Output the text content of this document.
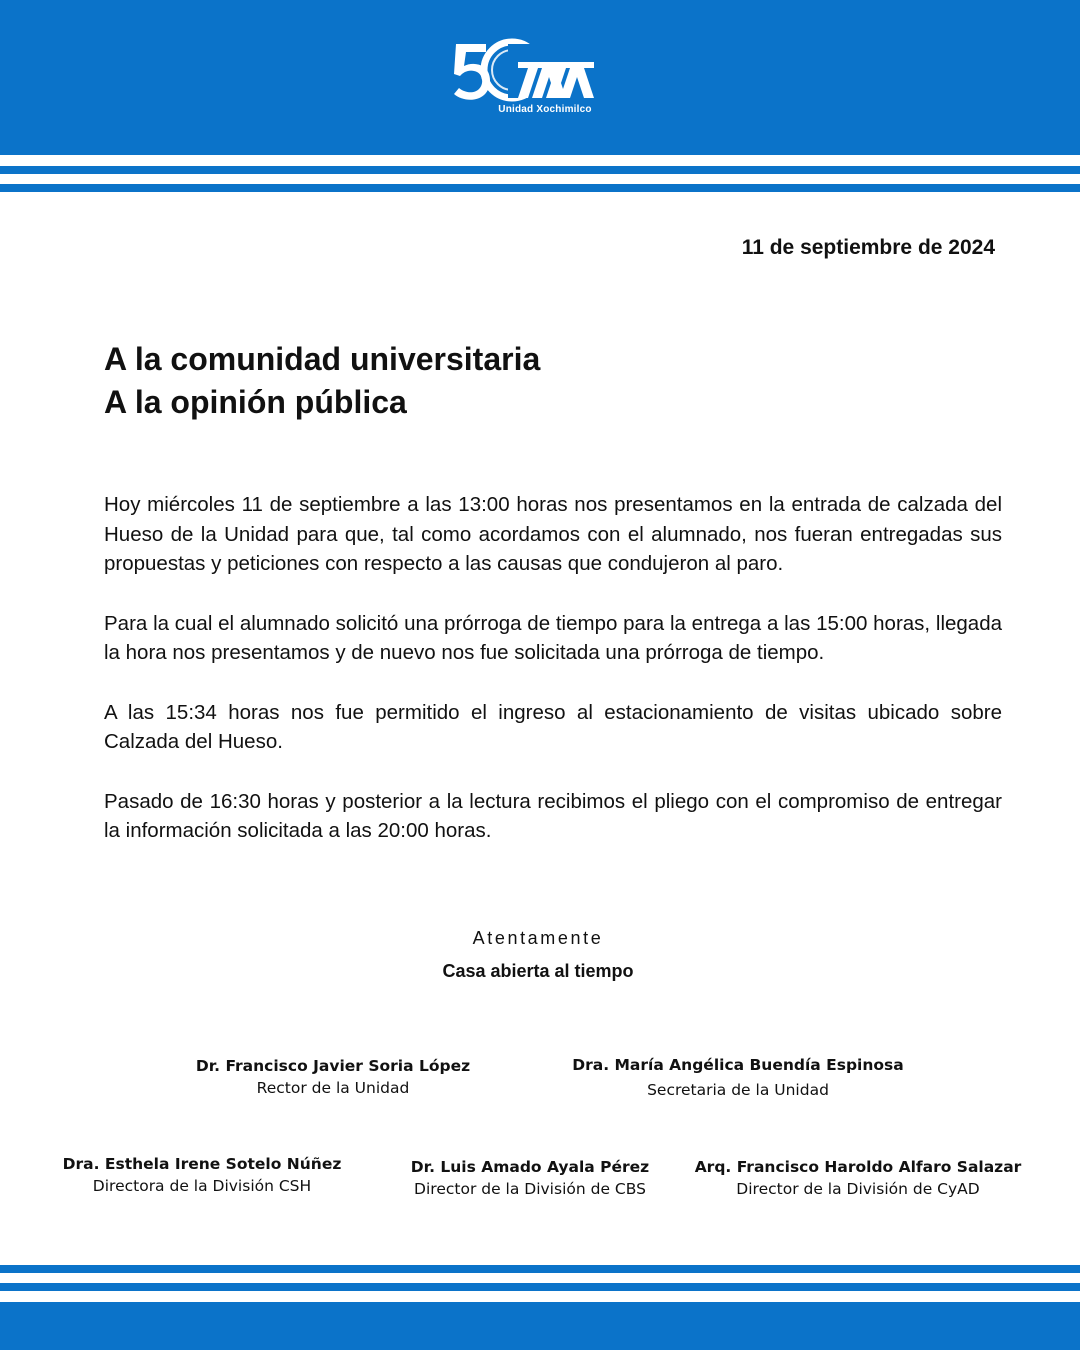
Unidad Xochimilco
11 de septiembre de 2024
A la comunidad universitaria
A la opinión pública

Hoy miércoles 11 de septiembre a las 13:00 horas nos presentamos en la entrada de calzada del Hueso de la Unidad para que, tal como acordamos con el alumnado, nos fueran entregadas sus propuestas y peticiones con respecto a las causas que condujeron al paro.

Para la cual el alumnado solicitó una prórroga de tiempo para la entrega a las 15:00 horas, llegada la hora nos presentamos y de nuevo nos fue solicitada una prórroga de tiempo.

A las 15:34 horas nos fue permitido el ingreso al estacionamiento de visitas ubicado sobre Calzada del Hueso.

Pasado de 16:30 horas y posterior a la lectura recibimos el pliego con el compromiso de entregar la información solicitada a las 20:00 horas.

Atentamente
Casa abierta al tiempo
Dr. Francisco Javier Soria López
Rector de la Unidad
Dra. María Angélica Buendía Espinosa
Secretaria de la Unidad
Dra. Esthela Irene Sotelo Núñez
Directora de la División CSH
Dr. Luis Amado Ayala Pérez
Director de la División de CBS
Arq. Francisco Haroldo Alfaro Salazar
Director de la División de CyAD
